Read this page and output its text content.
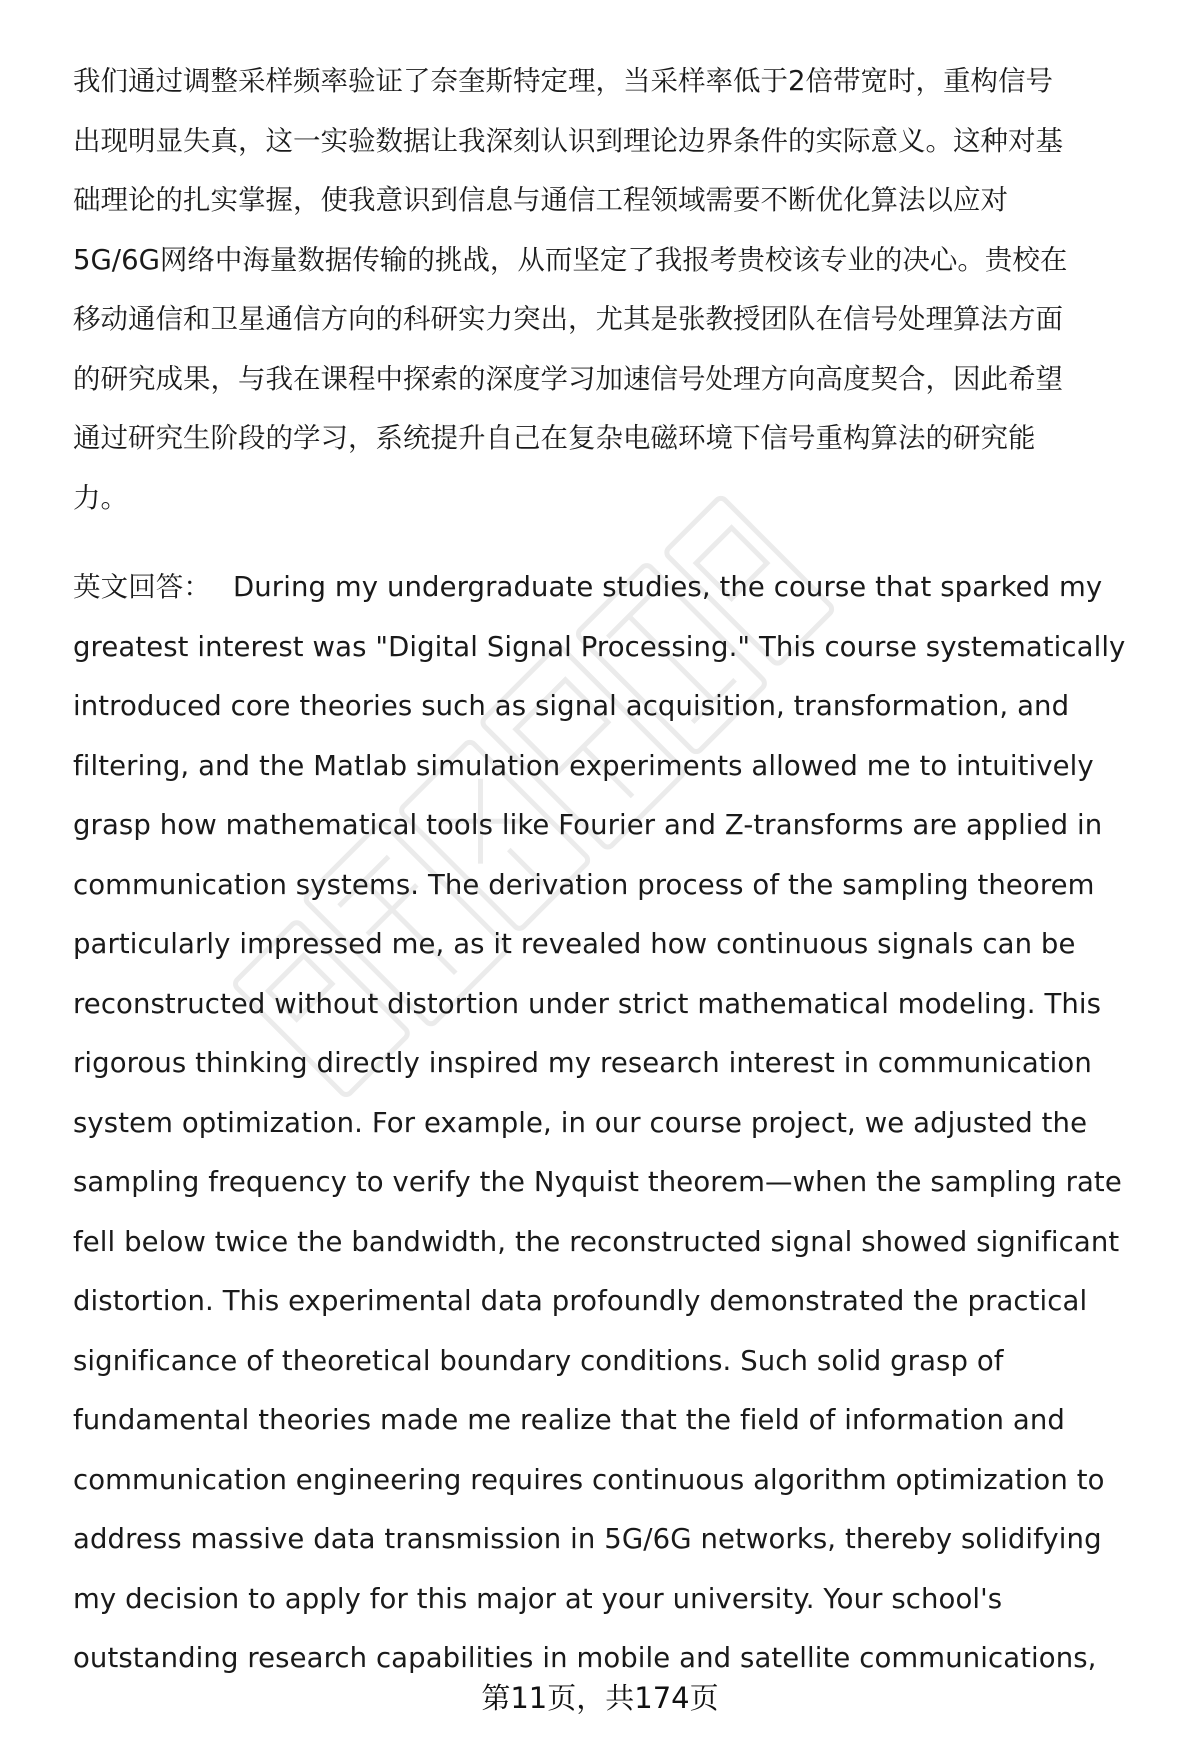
我们通过调整采样频率验证了奈奎斯特定理，当采样率低于2倍带宽时，重构信号
出现明显失真，这一实验数据让我深刻认识到理论边界条件的实际意义。这种对基
础理论的扎实掌握，使我意识到信息与通信工程领域需要不断优化算法以应对
5G/6G网络中海量数据传输的挑战，从而坚定了我报考贵校该专业的决心。贵校在
移动通信和卫星通信方向的科研实力突出，尤其是张教授团队在信号处理算法方面
的研究成果，与我在课程中探索的深度学习加速信号处理方向高度契合，因此希望
通过研究生阶段的学习，系统提升自己在复杂电磁环境下信号重构算法的研究能
力。
英文回答： During my undergraduate studies, the course that sparked my
greatest interest was "Digital Signal Processing." This course systematically
introduced core theories such as signal acquisition, transformation, and
filtering, and the Matlab simulation experiments allowed me to intuitively
grasp how mathematical tools like Fourier and Z-transforms are applied in
communication systems. The derivation process of the sampling theorem
particularly impressed me, as it revealed how continuous signals can be
reconstructed without distortion under strict mathematical modeling. This
rigorous thinking directly inspired my research interest in communication
system optimization. For example, in our course project, we adjusted the
sampling frequency to verify the Nyquist theorem—when the sampling rate
fell below twice the bandwidth, the reconstructed signal showed significant
distortion. This experimental data profoundly demonstrated the practical
significance of theoretical boundary conditions. Such solid grasp of
fundamental theories made me realize that the field of information and
communication engineering requires continuous algorithm optimization to
address massive data transmission in 5G/6G networks, thereby solidifying
my decision to apply for this major at your university. Your school's
outstanding research capabilities in mobile and satellite communications,
第11页，共174页
